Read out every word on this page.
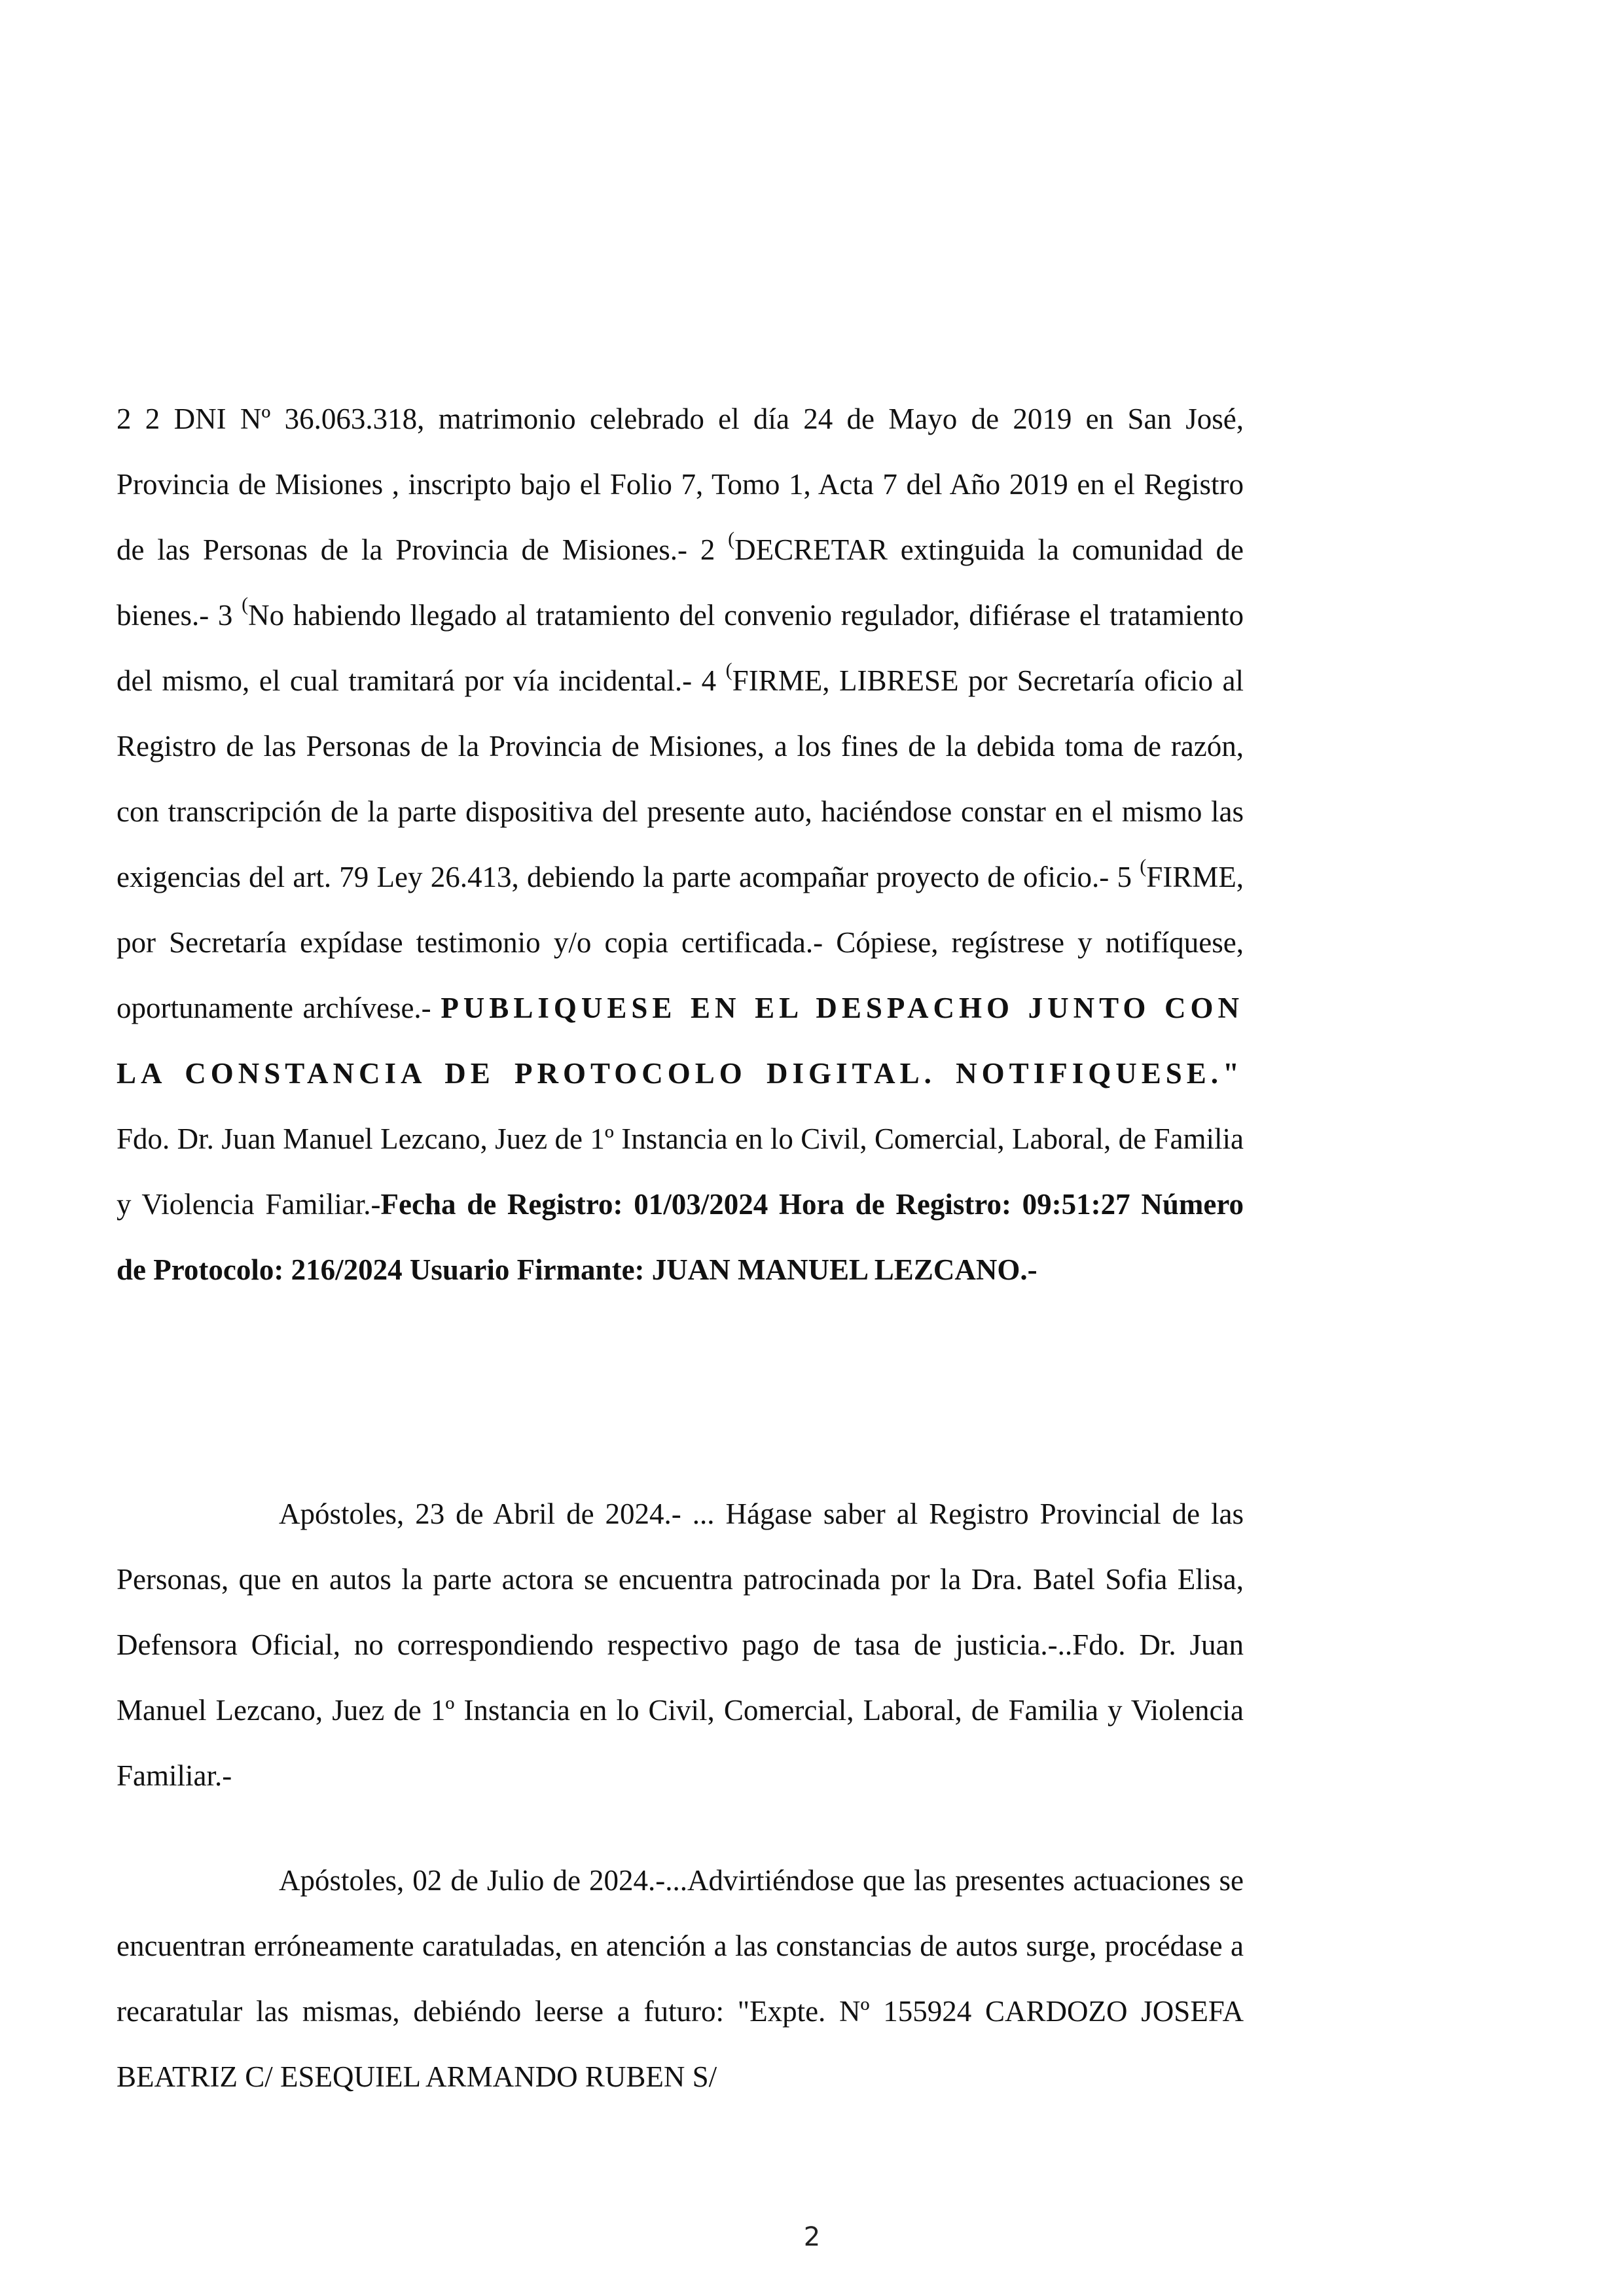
2 2 DNI Nº 36.063.318, matrimonio celebrado el día 24 de Mayo de 2019 en San José, Provincia de Misiones , inscripto bajo el Folio 7, Tomo 1, Acta 7 del Año 2019 en el Registro de las Personas de la Provincia de Misiones.- 2 (DECRETAR extinguida la comunidad de bienes.- 3 (No habiendo llegado al tratamiento del convenio regulador, difiérase el tratamiento del mismo, el cual tramitará por vía incidental.- 4 (FIRME, LIBRESE por Secretaría oficio al Registro de las Personas de la Provincia de Misiones, a los fines de la debida toma de razón, con transcripción de la parte dispositiva del presente auto, haciéndose constar en el mismo las exigencias del art. 79 Ley 26.413, debiendo la parte acompañar proyecto de oficio.- 5 (FIRME, por Secretaría expídase testimonio y/o copia certificada.- Cópiese, regístrese y notifíquese, oportunamente archívese.- PUBLIQUESE EN EL DESPACHO JUNTO CON LA CONSTANCIA DE PROTOCOLO DIGITAL. NOTIFIQUESE." Fdo. Dr. Juan Manuel Lezcano, Juez de 1º Instancia en lo Civil, Comercial, Laboral, de Familia y Violencia Familiar.-Fecha de Registro: 01/03/2024 Hora de Registro: 09:51:27 Número de Protocolo: 216/2024 Usuario Firmante: JUAN MANUEL LEZCANO.-
Apóstoles, 23 de Abril de 2024.- ... Hágase saber al Registro Provincial de las Personas, que en autos la parte actora se encuentra patrocinada por la Dra. Batel Sofia Elisa, Defensora Oficial, no correspondiendo respectivo pago de tasa de justicia.-..Fdo. Dr. Juan Manuel Lezcano, Juez de 1º Instancia en lo Civil, Comercial, Laboral, de Familia y Violencia Familiar.-
Apóstoles, 02 de Julio de 2024.-...Advirtiéndose que las presentes actuaciones se encuentran erróneamente caratuladas, en atención a las constancias de autos surge, procédase a recaratular las mismas, debiéndo leerse a futuro: "Expte. Nº 155924 CARDOZO JOSEFA BEATRIZ C/ ESEQUIEL ARMANDO RUBEN S/
2
